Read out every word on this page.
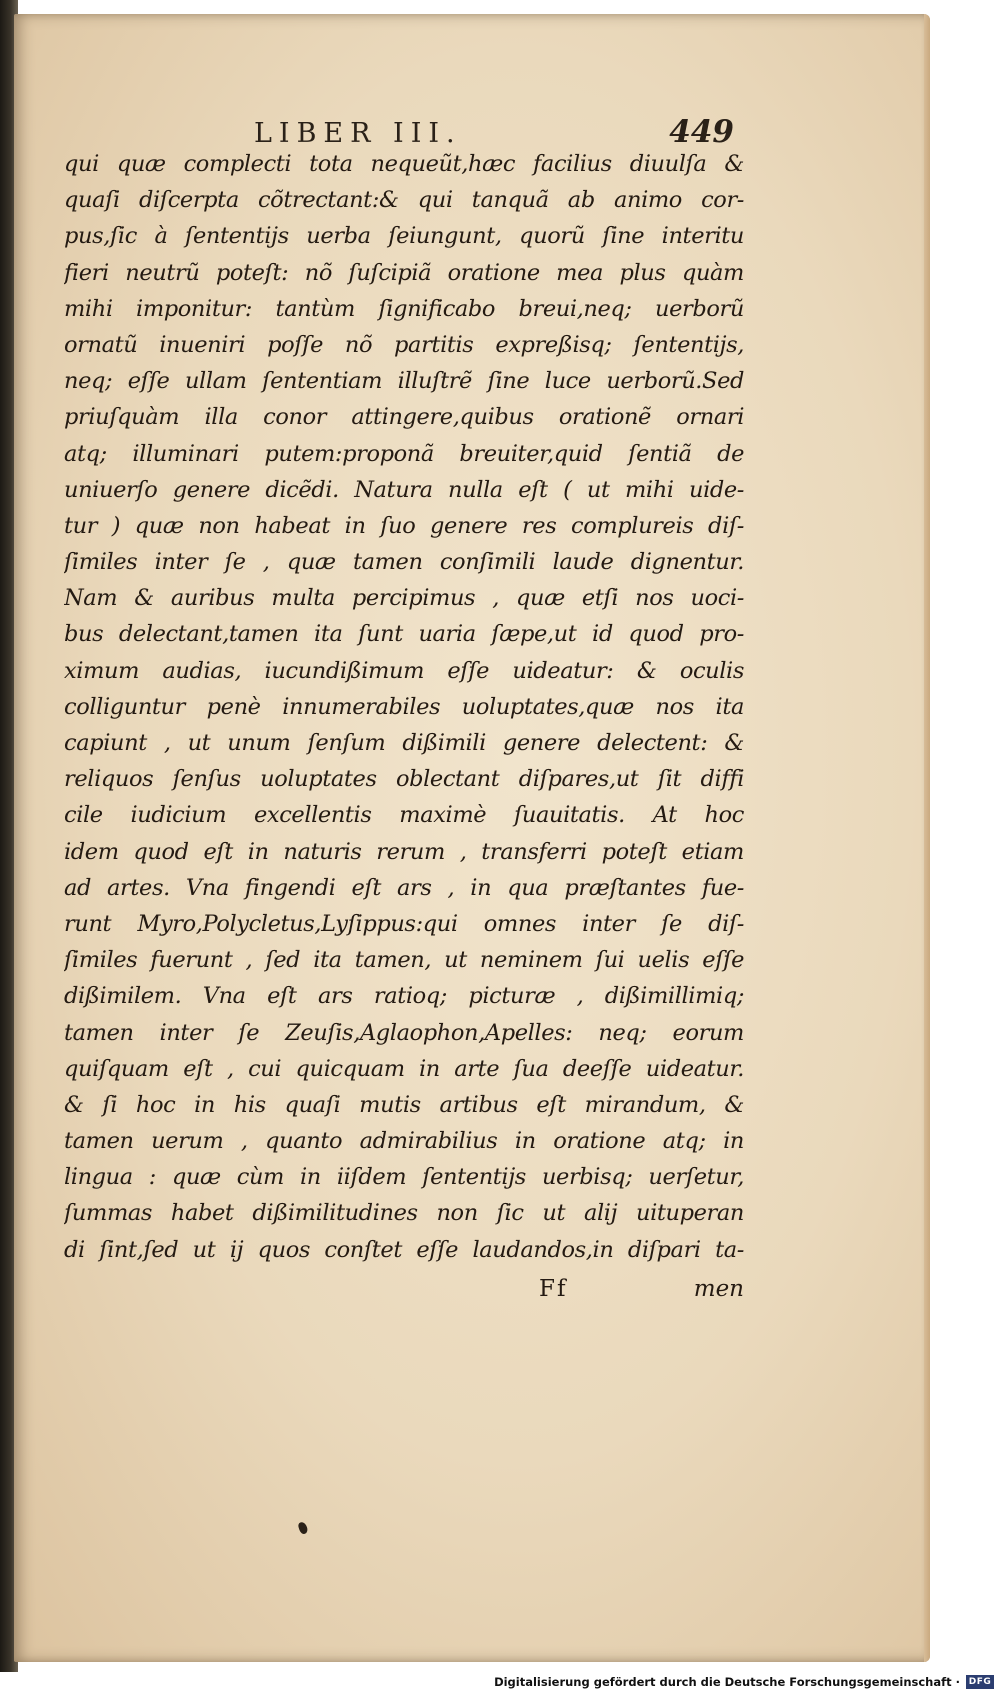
LIBER III.	449
qui quæ complecti tota nequeũt,hæc facilius diuulſa &
quaſi diſcerpta cõtrectant:& qui tanquã ab animo cor-
pus,ſic à ſententijs uerba ſeiungunt, quorũ ſine interitu
fieri neutrũ poteſt: nõ ſuſcipiã oratione mea plus quàm
mihi imponitur: tantùm ſignificabo breui,neq; uerborũ
ornatũ inueniri poſſe nõ partitis expreßisq; ſententijs,
neq; eſſe ullam ſententiam illuſtrẽ ſine luce uerborũ.Sed
priuſquàm illa conor attingere,quibus orationẽ ornari
atq; illuminari putem:proponã breuiter,quid ſentiã de
uniuerſo genere dicẽdi. Natura nulla eſt ( ut mihi uide-
tur ) quæ non habeat in ſuo genere res complureis diſ-
ſimiles inter ſe , quæ tamen conſimili laude dignentur.
Nam & auribus multa percipimus , quæ etſi nos uoci-
bus delectant,tamen ita ſunt uaria ſæpe,ut id quod pro-
ximum audias, iucundißimum eſſe uideatur: & oculis
colliguntur penè innumerabiles uoluptates,quæ nos ita
capiunt , ut unum ſenſum dißimili genere delectent: &
reliquos ſenſus uoluptates oblectant diſpares,ut ſit diffi
cile iudicium excellentis maximè ſuauitatis. At hoc
idem quod eſt in naturis rerum , transferri poteſt etiam
ad artes. Vna fingendi eſt ars , in qua præſtantes fue-
runt Myro,Polycletus,Lyſippus:qui omnes inter ſe diſ-
ſimiles fuerunt , ſed ita tamen, ut neminem ſui uelis eſſe
dißimilem. Vna eſt ars ratioq; picturæ , dißimillimiq;
tamen inter ſe Zeuſis,Aglaophon,Apelles: neq; eorum
quiſquam eſt , cui quicquam in arte ſua deeſſe uideatur.
& ſi hoc in his quaſi mutis artibus eſt mirandum, &
tamen uerum , quanto admirabilius in oratione atq; in
lingua : quæ cùm in iiſdem ſententijs uerbisq; uerſetur,
ſummas habet dißimilitudines non ſic ut alij uituperan
di ſint,ſed ut ij quos conſtet eſſe laudandos,in diſpari ta-
Ff	men
Digitalisierung gefördert durch die Deutsche Forschungsgemeinschaft · DFG
